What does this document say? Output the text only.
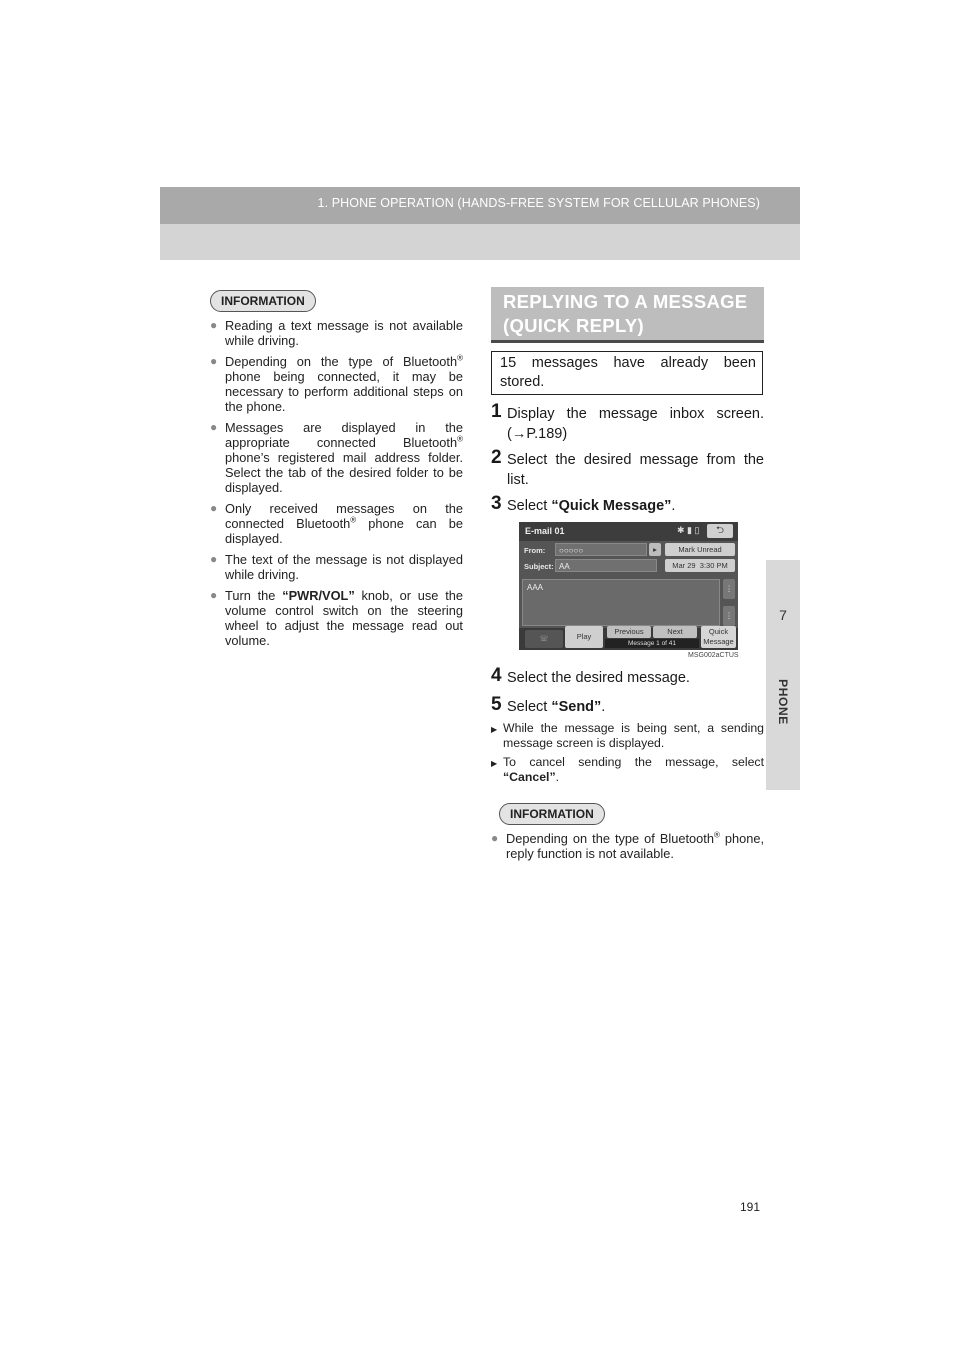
1. PHONE OPERATION (HANDS-FREE SYSTEM FOR CELLULAR PHONES)
7
PHONE
INFORMATION
● Reading a text message is not available while driving.
● Depending on the type of Bluetooth® phone being connected, it may be necessary to perform additional steps on the phone.
● Messages are displayed in the appropriate connected Bluetooth® phone’s registered mail address folder. Select the tab of the desired folder to be displayed.
● Only received messages on the connected Bluetooth® phone can be displayed.
● The text of the message is not displayed while driving.
● Turn the “PWR/VOL” knob, or use the volume control switch on the steering wheel to adjust the message read out volume.
REPLYING TO A MESSAGE (QUICK REPLY)
15 messages have already been stored.
1 Display the message inbox screen. (→P.189)
2 Select the desired message from the list.
3 Select “Quick Message”.
E-mail 01	✱ ▮ ▯	⮌
From:	○○○○○	▸	Mark Unread
Subject: AA	Mar 29 3:30 PM
AAA	⋮
⋮
☏	Play
Previous	Next	Quick
Message
Message 1 of 41
MSG002aCTUS
4 Select the desired message.
5 Select “Send”.
▶ While the message is being sent, a sending message screen is displayed.
▶ To cancel sending the message, select “Cancel”.
INFORMATION
● Depending on the type of Bluetooth® phone, reply function is not available.
191
